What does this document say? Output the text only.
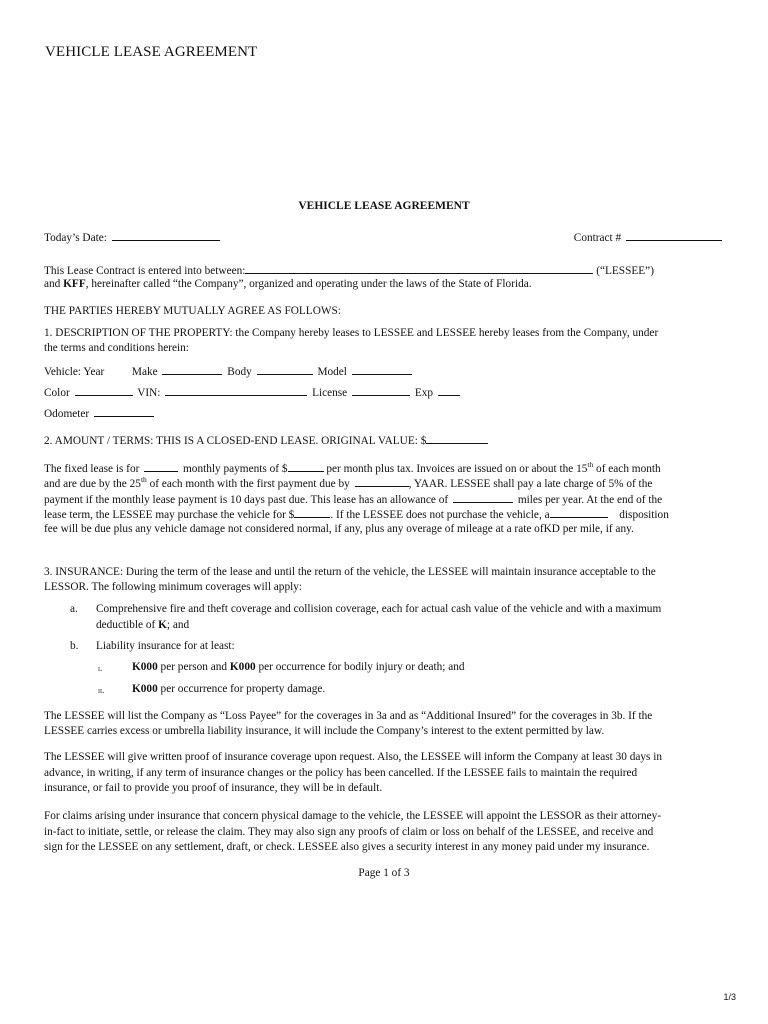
VEHICLE LEASE AGREEMENT
VEHICLE LEASE AGREEMENT
Today’s Date:	Contract #
This Lease Contract is entered into between:	(“LESSEE”)
and KFF, hereinafter called “the Company”, organized and operating under the laws of the State of Florida.
THE PARTIES HEREBY MUTUALLY AGREE AS FOLLOWS:
1. DESCRIPTION OF THE PROPERTY: the Company hereby leases to LESSEE and LESSEE hereby leases from the Company, under
the terms and conditions herein:
Vehicle: Year Make	Body	Model
Color	VIN:	License	Exp
Odometer
2. AMOUNT / TERMS: THIS IS A CLOSED-END LEASE. ORIGINAL VALUE: $
The fixed lease is for	monthly payments of $	per month plus tax. Invoices are issued on or about the 15th of each month
and are due by the 25th of each month with the first payment due by	, YAAR. LESSEE shall pay a late charge of 5% of the
payment if the monthly lease payment is 10 days past due. This lease has an allowance of	miles per year. At the end of the
lease term, the LESSEE may purchase the vehicle for $	. If the LESSEE does not purchase the vehicle, a	disposition
fee will be due plus any vehicle damage not considered normal, if any, plus any overage of mileage at a rate ofKD per mile, if any.
3. INSURANCE: During the term of the lease and until the return of the vehicle, the LESSEE will maintain insurance acceptable to the
LESSOR. The following minimum coverages will apply:
a. Comprehensive fire and theft coverage and collision coverage, each for actual cash value of the vehicle and with a maximum
deductible of K; and
b. Liability insurance for at least:
i.	K000 per person and K000 per occurrence for bodily injury or death; and
ii. K000 per occurrence for property damage.
The LESSEE will list the Company as “Loss Payee” for the coverages in 3a and as “Additional Insured” for the coverages in 3b. If the
LESSEE carries excess or umbrella liability insurance, it will include the Company’s interest to the extent permitted by law.
The LESSEE will give written proof of insurance coverage upon request. Also, the LESSEE will inform the Company at least 30 days in
advance, in writing, if any term of insurance changes or the policy has been cancelled. If the LESSEE fails to maintain the required
insurance, or fail to provide you proof of insurance, they will be in default.
For claims arising under insurance that concern physical damage to the vehicle, the LESSEE will appoint the LESSOR as their attorney-
in-fact to initiate, settle, or release the claim. They may also sign any proofs of claim or loss on behalf of the LESSEE, and receive and
sign for the LESSEE on any settlement, draft, or check. LESSEE also gives a security interest in any money paid under my insurance.
Page 1 of 3
1/3
